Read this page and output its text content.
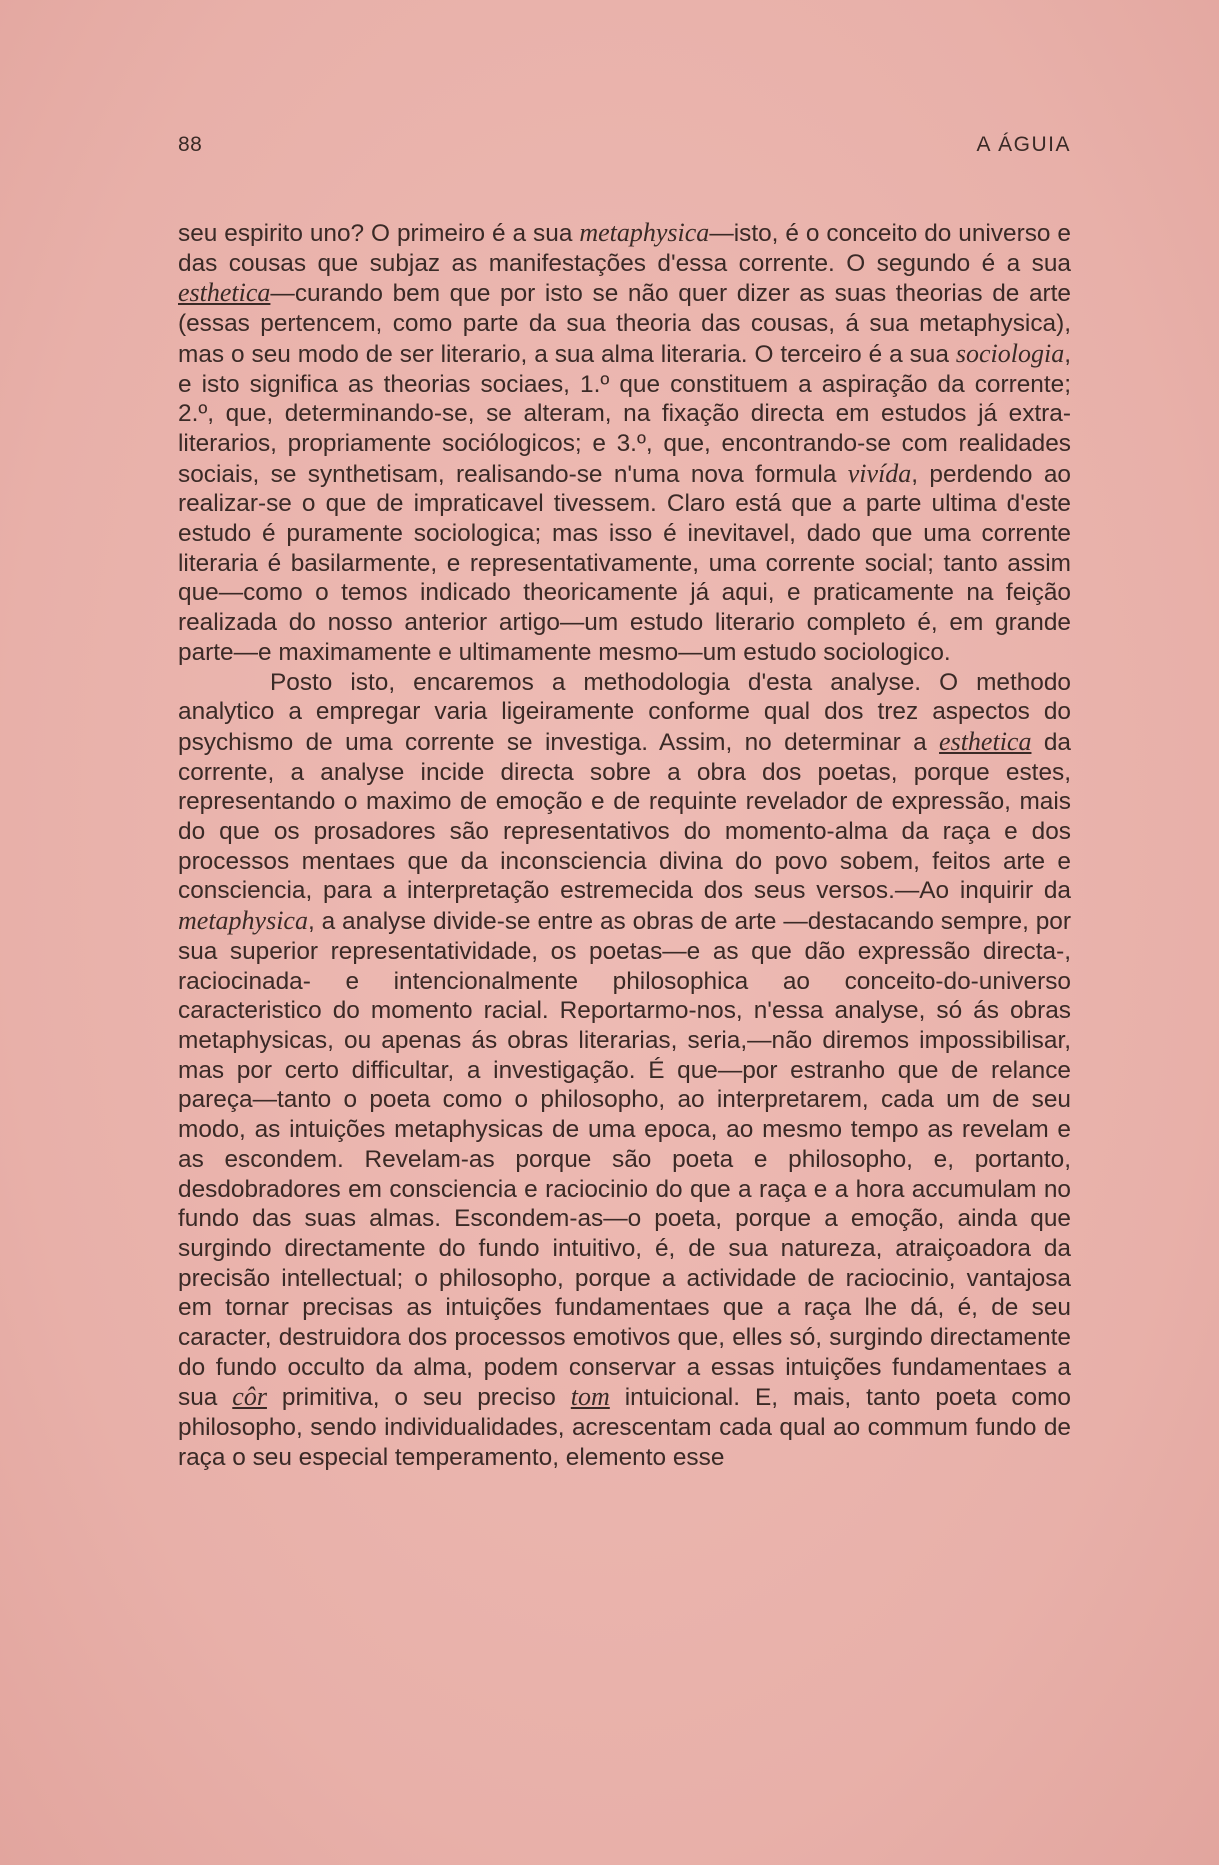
88	A ÁGUIA

seu espirito uno? O primeiro é a sua metaphysica—isto, é o conceito do universo e das cousas que subjaz as manifestações d'essa corrente. O segundo é a sua esthetica—curando bem que por isto se não quer dizer as suas theorias de arte (essas pertencem, como parte da sua theoria das cousas, á sua metaphysica), mas o seu modo de ser literario, a sua alma literaria. O terceiro é a sua sociologia, e isto significa as theorias sociaes, 1.º que constituem a aspiração da corrente; 2.º, que, determinando-se, se alteram, na fixação directa em estudos já extra-literarios, propriamente sociólogicos; e 3.º, que, encontrando-se com realidades sociais, se synthetisam, realisando-se n'uma nova formula vivída, perdendo ao realizar-se o que de impraticavel tivessem. Claro está que a parte ultima d'este estudo é puramente sociologica; mas isso é inevitavel, dado que uma corrente literaria é basilarmente, e representativamente, uma corrente social; tanto assim que—como o temos indicado theoricamente já aqui, e praticamente na feição realizada do nosso anterior artigo—um estudo literario completo é, em grande parte—e maximamente e ultimamente mesmo—um estudo sociologico.

Posto isto, encaremos a methodologia d'esta analyse. O methodo analytico a empregar varia ligeiramente conforme qual dos trez aspectos do psychismo de uma corrente se investiga. Assim, no determinar a esthetica da corrente, a analyse incide directa sobre a obra dos poetas, porque estes, representando o maximo de emoção e de requinte revelador de expressão, mais do que os prosadores são representativos do momento-alma da raça e dos processos mentaes que da inconsciencia divina do povo sobem, feitos arte e consciencia, para a interpretação estremecida dos seus versos.—Ao inquirir da metaphysica, a analyse divide-se entre as obras de arte —destacando sempre, por sua superior representatividade, os poetas—e as que dão expressão directa-, raciocinada- e intencionalmente philosophica ao conceito-do-universo caracteristico do momento racial. Reportarmo-nos, n'essa analyse, só ás obras metaphysicas, ou apenas ás obras literarias, seria,—não diremos impossibilisar, mas por certo difficultar, a investigação. É que—por estranho que de relance pareça—tanto o poeta como o philosopho, ao interpretarem, cada um de seu modo, as intuições metaphysicas de uma epoca, ao mesmo tempo as revelam e as escondem. Revelam-as porque são poeta e philosopho, e, portanto, desdobradores em consciencia e raciocinio do que a raça e a hora accumulam no fundo das suas almas. Escondem-as—o poeta, porque a emoção, ainda que surgindo directamente do fundo intuitivo, é, de sua natureza, atraiçoadora da precisão intellectual; o philosopho, porque a actividade de raciocinio, vantajosa em tornar precisas as intuições fundamentaes que a raça lhe dá, é, de seu caracter, destruidora dos processos emotivos que, elles só, surgindo directamente do fundo occulto da alma, podem conservar a essas intuições fundamentaes a sua côr primitiva, o seu preciso tom intuicional. E, mais, tanto poeta como philosopho, sendo individualidades, acrescentam cada qual ao commum fundo de raça o seu especial temperamento, elemento esse
